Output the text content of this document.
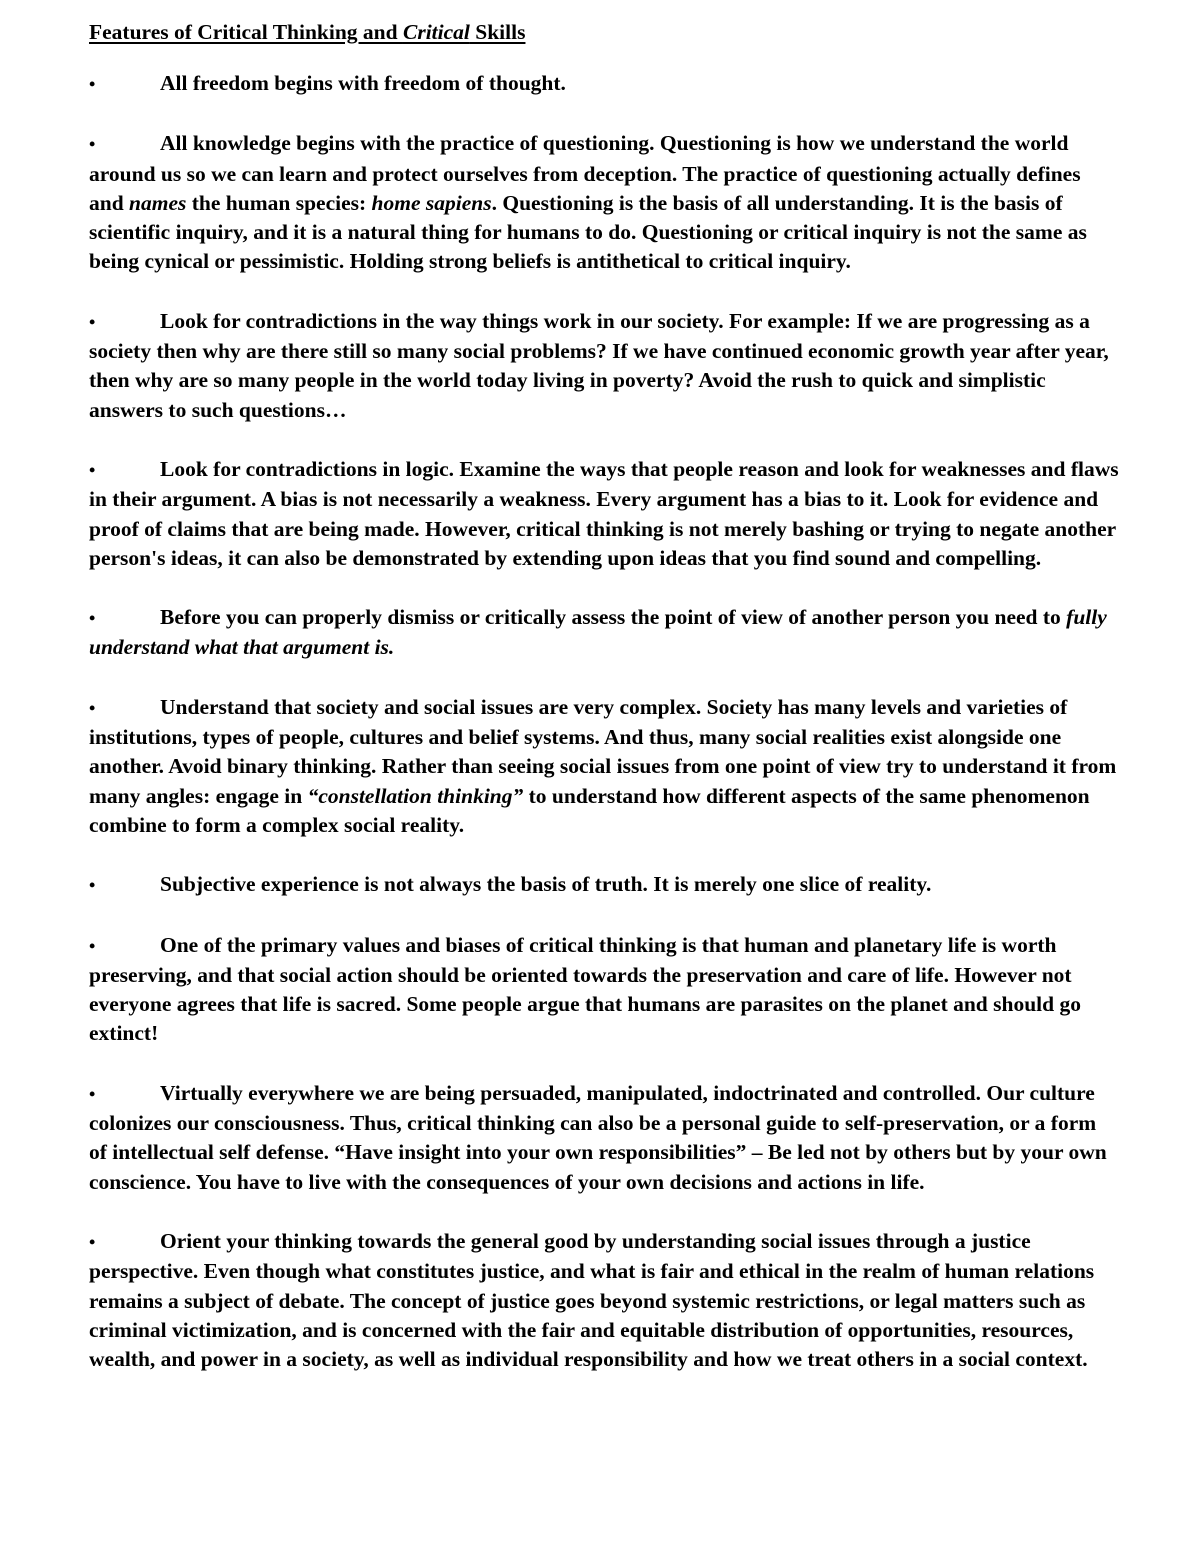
Features of Critical Thinking and Critical Skills

•	All freedom begins with freedom of thought.

•	All knowledge begins with the practice of questioning. Questioning is how we understand the world around us so we can learn and protect ourselves from deception. The practice of questioning actually defines and names the human species: home sapiens. Questioning is the basis of all understanding. It is the basis of scientific inquiry, and it is a natural thing for humans to do. Questioning or critical inquiry is not the same as being cynical or pessimistic. Holding strong beliefs is antithetical to critical inquiry.

•	Look for contradictions in the way things work in our society. For example: If we are progressing as a society then why are there still so many social problems? If we have continued economic growth year after year, then why are so many people in the world today living in poverty? Avoid the rush to quick and simplistic answers to such questions…

•	Look for contradictions in logic. Examine the ways that people reason and look for weaknesses and flaws in their argument. A bias is not necessarily a weakness. Every argument has a bias to it. Look for evidence and proof of claims that are being made. However, critical thinking is not merely bashing or trying to negate another person's ideas, it can also be demonstrated by extending upon ideas that you find sound and compelling.

•	Before you can properly dismiss or critically assess the point of view of another person you need to fully understand what that argument is.

•	Understand that society and social issues are very complex. Society has many levels and varieties of institutions, types of people, cultures and belief systems. And thus, many social realities exist alongside one another. Avoid binary thinking. Rather than seeing social issues from one point of view try to understand it from many angles: engage in “constellation thinking” to understand how different aspects of the same phenomenon combine to form a complex social reality.

•	Subjective experience is not always the basis of truth. It is merely one slice of reality.

•	One of the primary values and biases of critical thinking is that human and planetary life is worth preserving, and that social action should be oriented towards the preservation and care of life. However not everyone agrees that life is sacred. Some people argue that humans are parasites on the planet and should go extinct!

•	Virtually everywhere we are being persuaded, manipulated, indoctrinated and controlled. Our culture colonizes our consciousness. Thus, critical thinking can also be a personal guide to self-preservation, or a form of intellectual self defense. “Have insight into your own responsibilities” – Be led not by others but by your own conscience. You have to live with the consequences of your own decisions and actions in life.

•	Orient your thinking towards the general good by understanding social issues through a justice perspective. Even though what constitutes justice, and what is fair and ethical in the realm of human relations remains a subject of debate. The concept of justice goes beyond systemic restrictions, or legal matters such as criminal victimization, and is concerned with the fair and equitable distribution of opportunities, resources, wealth, and power in a society, as well as individual responsibility and how we treat others in a social context.
